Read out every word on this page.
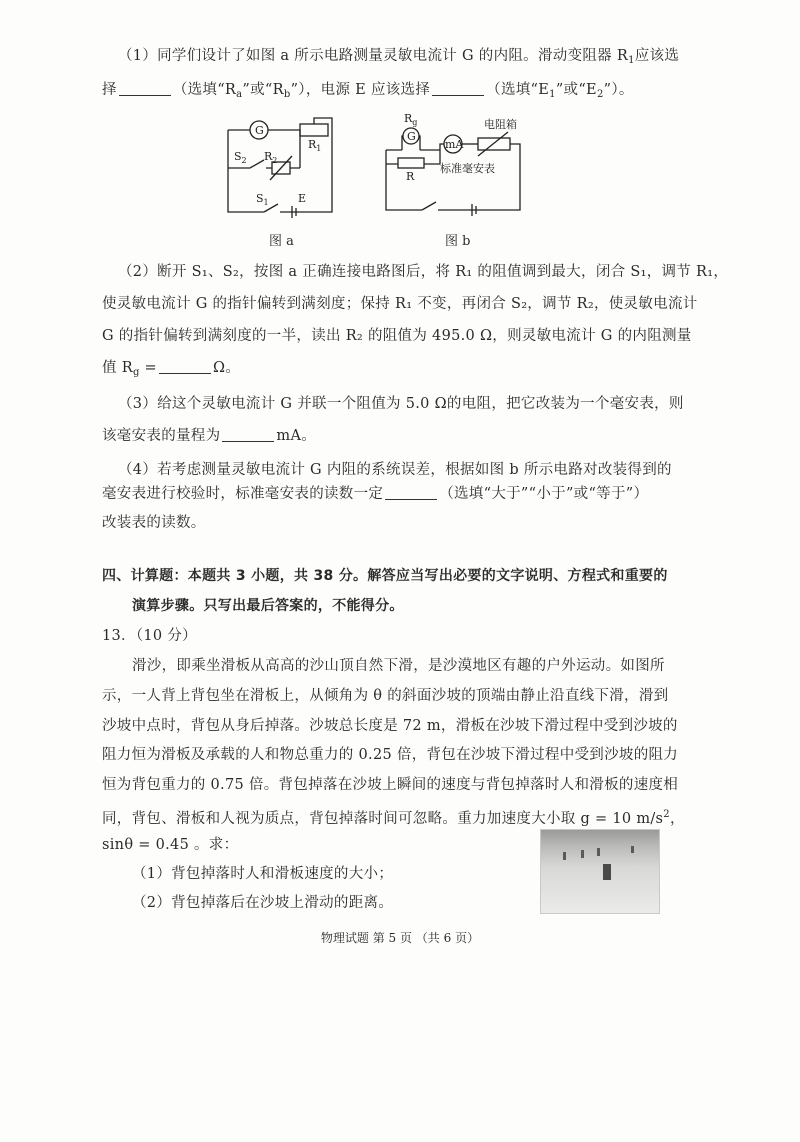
（1）同学们设计了如图 a 所示电路测量灵敏电流计 G 的内阻。滑动变阻器 $R_1$应该选
择	（选填“$R_a$”或“$R_b$”），电源 E 应该选择	（选填“$E_1$”或“$E_2$”）。
G
$R_1$
$S_2$ $R_2$
$S_1$	E
图 a
$R_g$
G
mA
电阻箱
标准毫安表
R
图 b
（2）断开 S₁、S₂，按图 a 正确连接电路图后，将 R₁ 的阻值调到最大，闭合 S₁，调节 R₁，
使灵敏电流计 G 的指针偏转到满刻度；保持 R₁ 不变，再闭合 S₂，调节 R₂，使灵敏电流计
G 的指针偏转到满刻度的一半，读出 R₂ 的阻值为 495.0 Ω，则灵敏电流计 G 的内阻测量
值 $R_g$ =	Ω。
（3）给这个灵敏电流计 G 并联一个阻值为 5.0 Ω的电阻，把它改装为一个毫安表，则
该毫安表的量程为	mA。
（4）若考虑测量灵敏电流计 G 内阻的系统误差，根据如图 b 所示电路对改装得到的
毫安表进行校验时，标准毫安表的读数一定	（选填“大于”“小于”或“等于”）
改装表的读数。
四、计算题：本题共 3 小题，共 38 分。解答应当写出必要的文字说明、方程式和重要的
演算步骤。只写出最后答案的，不能得分。
13．（10 分）
滑沙，即乘坐滑板从高高的沙山顶自然下滑，是沙漠地区有趣的户外运动。如图所
示，一人背上背包坐在滑板上，从倾角为 θ 的斜面沙坡的顶端由静止沿直线下滑，滑到
沙坡中点时，背包从身后掉落。沙坡总长度是 72 m，滑板在沙坡下滑过程中受到沙坡的
阻力恒为滑板及承载的人和物总重力的 0.25 倍，背包在沙坡下滑过程中受到沙坡的阻力
恒为背包重力的 0.75 倍。背包掉落在沙坡上瞬间的速度与背包掉落时人和滑板的速度相
同，背包、滑板和人视为质点，背包掉落时间可忽略。重力加速度大小取 g = 10 $m/s^2$，
sinθ = 0.45 。求：
（1）背包掉落时人和滑板速度的大小；
（2）背包掉落后在沙坡上滑动的距离。
物理试题 第 5 页 （共 6 页）
